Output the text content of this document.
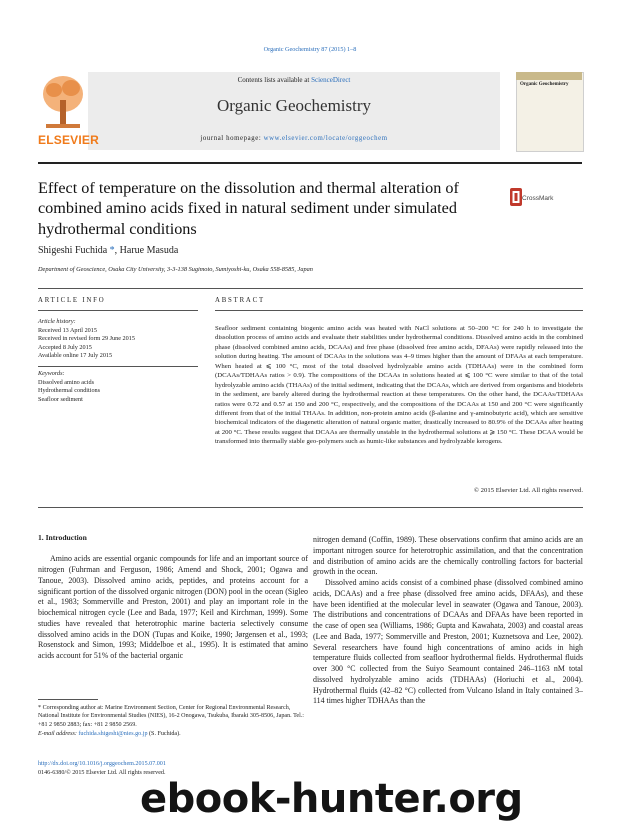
Organic Geochemistry 87 (2015) 1–8
ELSEVIER
Contents lists available at ScienceDirect
Organic Geochemistry
journal homepage: www.elsevier.com/locate/orggeochem
Organic Geochemistry
Effect of temperature on the dissolution and thermal alteration of combined amino acids fixed in natural sediment under simulated hydrothermal conditions
CrossMark
Shigeshi Fuchida *, Harue Masuda
Department of Geoscience, Osaka City University, 3-3-138 Sugimoto, Sumiyoshi-ku, Osaka 558-8585, Japan
ARTICLE INFO	ABSTRACT
Article history:
Received 13 April 2015
Received in revised form 29 June 2015
Accepted 8 July 2015
Available online 17 July 2015
Keywords:
Dissolved amino acids
Hydrothermal conditions
Seafloor sediment
Seafloor sediment containing biogenic amino acids was heated with NaCl solutions at 50–200 °C for 240 h to investigate the dissolution process of amino acids and evaluate their stabilities under hydrothermal conditions. Dissolved amino acids in the combined phase (dissolved combined amino acids, DCAAs) and free phase (dissolved free amino acids, DFAAs) were rapidly released into the solution during heating. The amount of DCAAs in the solutions was 4–9 times higher than the amount of DFAAs at each temperature. When heated at ⩽ 100 °C, most of the total dissolved hydrolyzable amino acids (TDHAAs) were in the combined form (DCAAs/TDHAAs ratios > 0.9). The compositions of the DCAAs in solutions heated at ⩽ 100 °C were similar to that of the total hydrolyzable amino acids (THAAs) of the initial sediment, indicating that the DCAAs, which are derived from organisms and biodebris in the sediment, are barely altered during the hydrothermal reaction at these temperatures. On the other hand, the DCAAs/TDHAAs ratios were 0.72 and 0.57 at 150 and 200 °C, respectively, and the compositions of the DCAAs at 150 and 200 °C were significantly different from that of the initial THAAs. In addition, non-protein amino acids (β-alanine and γ-aminobutyric acid), which are sensitive biochemical indicators of the diagenetic alteration of natural organic matter, drastically increased to 80.9% of the DCAAs after heating at 200 °C. These results suggest that DCAAs are thermally unstable in the hydrothermal solutions at ⩾ 150 °C. These DCAA would be transformed into thermally stable geo-polymers such as humic-like substances and hydrolyzable kerogens.
© 2015 Elsevier Ltd. All rights reserved.
1. Introduction

Amino acids are essential organic compounds for life and an important source of nitrogen (Fuhrman and Ferguson, 1986; Amend and Shock, 2001; Ogawa and Tanoue, 2003). Dissolved amino acids, peptides, and proteins account for a significant portion of the dissolved organic nitrogen (DON) pool in the ocean (Sigleo et al., 1983; Sommerville and Preston, 2001) and play an important role in the biochemical nitrogen cycle (Lee and Bada, 1977; Keil and Kirchman, 1999). Some studies have revealed that heterotrophic marine bacteria selectively consume dissolved amino acids in the DON (Tupas and Koike, 1990; Jørgensen et al., 1993; Rosenstock and Simon, 1993; Middelboe et al., 1995). It is estimated that amino acids account for 51% of the bacterial organic

nitrogen demand (Coffin, 1989). These observations confirm that amino acids are an important nitrogen source for heterotrophic assimilation, and that the concentration and distribution of amino acids are the chemically controlling factors for bacterial growth in the ocean.

Dissolved amino acids consist of a combined phase (dissolved combined amino acids, DCAAs) and a free phase (dissolved free amino acids, DFAAs), and these have been identified at the molecular level in seawater (Ogawa and Tanoue, 2003). The distributions and concentrations of DCAAs and DFAAs have been reported in the case of open sea (Williams, 1986; Gupta and Kawahata, 2003) and coastal areas (Lee and Bada, 1977; Sommerville and Preston, 2001; Kuznetsova and Lee, 2002). Several researchers have found high concentrations of amino acids in high temperature fluids collected from seafloor hydrothermal fields. Hydrothermal fluids over 300 °C collected from the Suiyo Seamount contained 246–1163 nM total dissolved hydrolyzable amino acids (TDHAAs) (Horiuchi et al., 2004). Hydrothermal fluids (42–82 °C) collected from Vulcano Island in Italy contained 3–114 times higher TDHAAs than the

* Corresponding author at: Marine Environment Section, Center for Regional Environmental Research, National Institute for Environmental Studies (NIES), 16-2 Onogawa, Tsukuba, Ibaraki 305-8506, Japan. Tel.: +81 2 9850 2883; fax: +81 2 9850 2569.
E-mail address: fuchida.shigeshi@nies.go.jp (S. Fuchida).
http://dx.doi.org/10.1016/j.orggeochem.2015.07.001
0146-6380/© 2015 Elsevier Ltd. All rights reserved.
ebook-hunter.org
